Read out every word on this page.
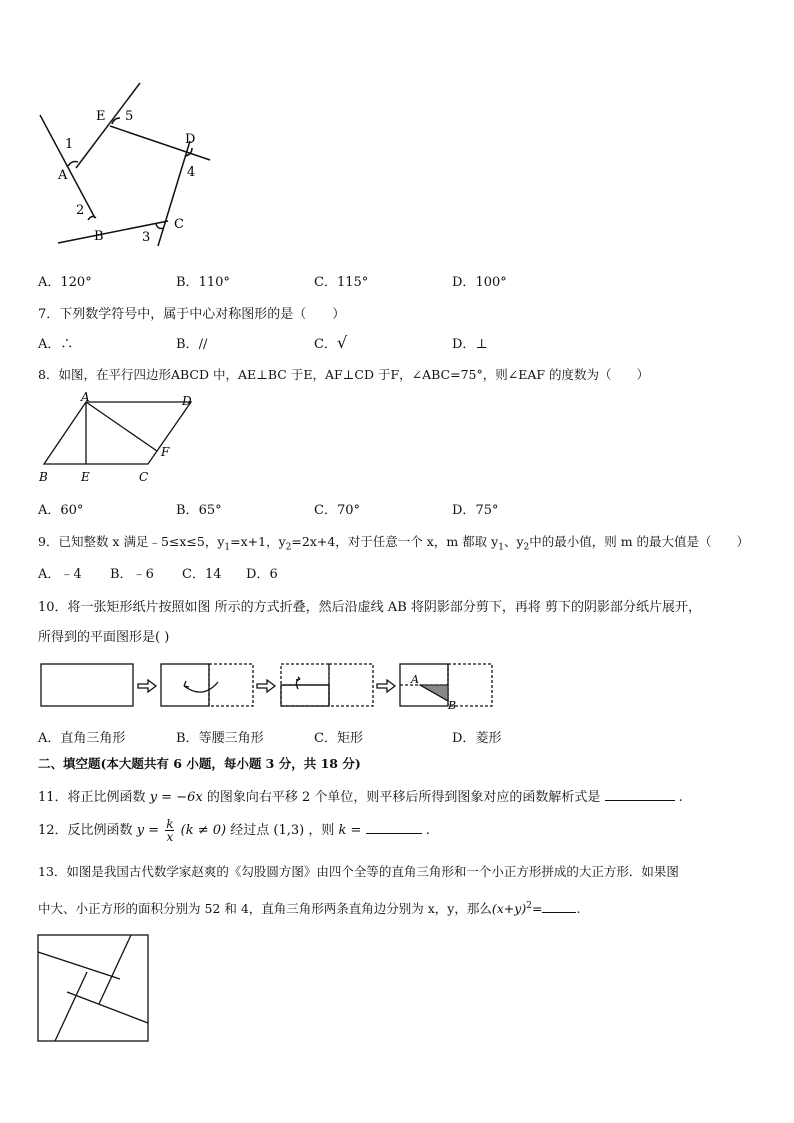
E 5
D
1
4
A
2
B	3
C
A．120°	B．110°	C．115°	D．100°
7．下列数学符号中，属于中心对称图形的是（　　）
A．∴	B．//	C．√	D．⊥
8．如图，在平行四边形ABCD 中，AE⊥BC 于E，AF⊥CD 于F，∠ABC=75°，则∠EAF 的度数为（　　）
A	D
F
B	E	C
A．60°	B．65°	C．70°	D．75°
9．已知整数 x 满足﹣5≤x≤5，$y_1=x+1$，$y_2=2x+4$，对于任意一个 x，m 都取 $y_1$、$y_2$中的最小值，则 m 的最大值是（　　）
A．﹣4 B．﹣6 C．14 D．6
10．将一张矩形纸片按照如图 所示的方式折叠，然后沿虚线 AB 将阴影部分剪下，再将 剪下的阴影部分纸片展开，
所得到的平面图形是( )
A
B
A．直角三角形	B．等腰三角形	C．矩形	D．菱形
二、填空题(本大题共有 6 小题，每小题 3 分，共 18 分)
11．将正比例函数 y = −6x 的图象向右平移 2 个单位，则平移后所得到图象对应的函数解析式是	.
12．反比例函数 $y = \frac{k}{x} (k \ne 0)$ 经过点 (1,3) ，则 k =	.
13．如图是我国古代数学家赵爽的《勾股圆方图》由四个全等的直角三角形和一个小正方形拼成的大正方形．如果图
中大、小正方形的面积分别为 52 和 4，直角三角形两条直角边分别为 x，y，那么$(x+y)^2=$	.
